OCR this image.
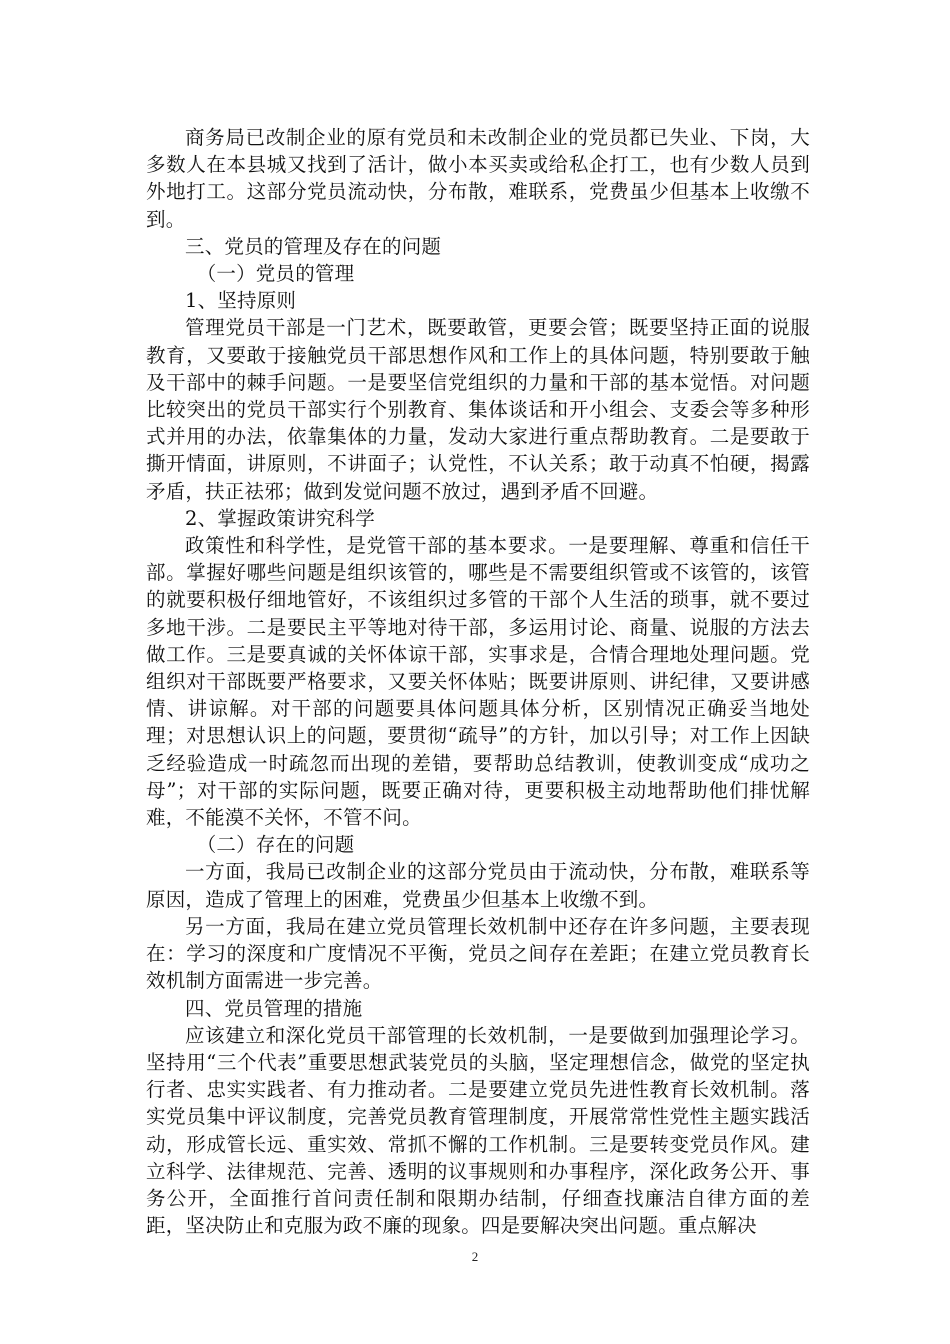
商务局已改制企业的原有党员和未改制企业的党员都已失业、下岗，大多数人在本县城又找到了活计，做小本买卖或给私企打工，也有少数人员到外地打工。这部分党员流动快，分布散，难联系，党费虽少但基本上收缴不到。

三、党员的管理及存在的问题

（一）党员的管理

1、坚持原则

管理党员干部是一门艺术，既要敢管，更要会管；既要坚持正面的说服教育，又要敢于接触党员干部思想作风和工作上的具体问题，特别要敢于触及干部中的棘手问题。一是要坚信党组织的力量和干部的基本觉悟。对问题比较突出的党员干部实行个别教育、集体谈话和开小组会、支委会等多种形式并用的办法，依靠集体的力量，发动大家进行重点帮助教育。二是要敢于撕开情面，讲原则，不讲面子；认党性，不认关系；敢于动真不怕硬，揭露矛盾，扶正祛邪；做到发觉问题不放过，遇到矛盾不回避。

2、掌握政策讲究科学

政策性和科学性，是党管干部的基本要求。一是要理解、尊重和信任干部。掌握好哪些问题是组织该管的，哪些是不需要组织管或不该管的，该管的就要积极仔细地管好，不该组织过多管的干部个人生活的琐事，就不要过多地干涉。二是要民主平等地对待干部，多运用讨论、商量、说服的方法去做工作。三是要真诚的关怀体谅干部，实事求是，合情合理地处理问题。党组织对干部既要严格要求，又要关怀体贴；既要讲原则、讲纪律，又要讲感情、讲谅解。对干部的问题要具体问题具体分析，区别情况正确妥当地处理；对思想认识上的问题，要贯彻“疏导”的方针，加以引导；对工作上因缺乏经验造成一时疏忽而出现的差错，要帮助总结教训，使教训变成“成功之母”；对干部的实际问题，既要正确对待，更要积极主动地帮助他们排忧解难，不能漠不关怀，不管不问。

（二）存在的问题

一方面，我局已改制企业的这部分党员由于流动快，分布散，难联系等原因，造成了管理上的困难，党费虽少但基本上收缴不到。

另一方面，我局在建立党员管理长效机制中还存在许多问题，主要表现在：学习的深度和广度情况不平衡，党员之间存在差距；在建立党员教育长效机制方面需进一步完善。

四、党员管理的措施

应该建立和深化党员干部管理的长效机制，一是要做到加强理论学习。坚持用“三个代表”重要思想武装党员的头脑，坚定理想信念，做党的坚定执行者、忠实实践者、有力推动者。二是要建立党员先进性教育长效机制。落实党员集中评议制度，完善党员教育管理制度，开展常常性党性主题实践活动，形成管长远、重实效、常抓不懈的工作机制。三是要转变党员作风。建立科学、法律规范、完善、透明的议事规则和办事程序，深化政务公开、事务公开，全面推行首问责任制和限期办结制，仔细查找廉洁自律方面的差距，坚决防止和克服为政不廉的现象。四是要解决突出问题。重点解决

2
